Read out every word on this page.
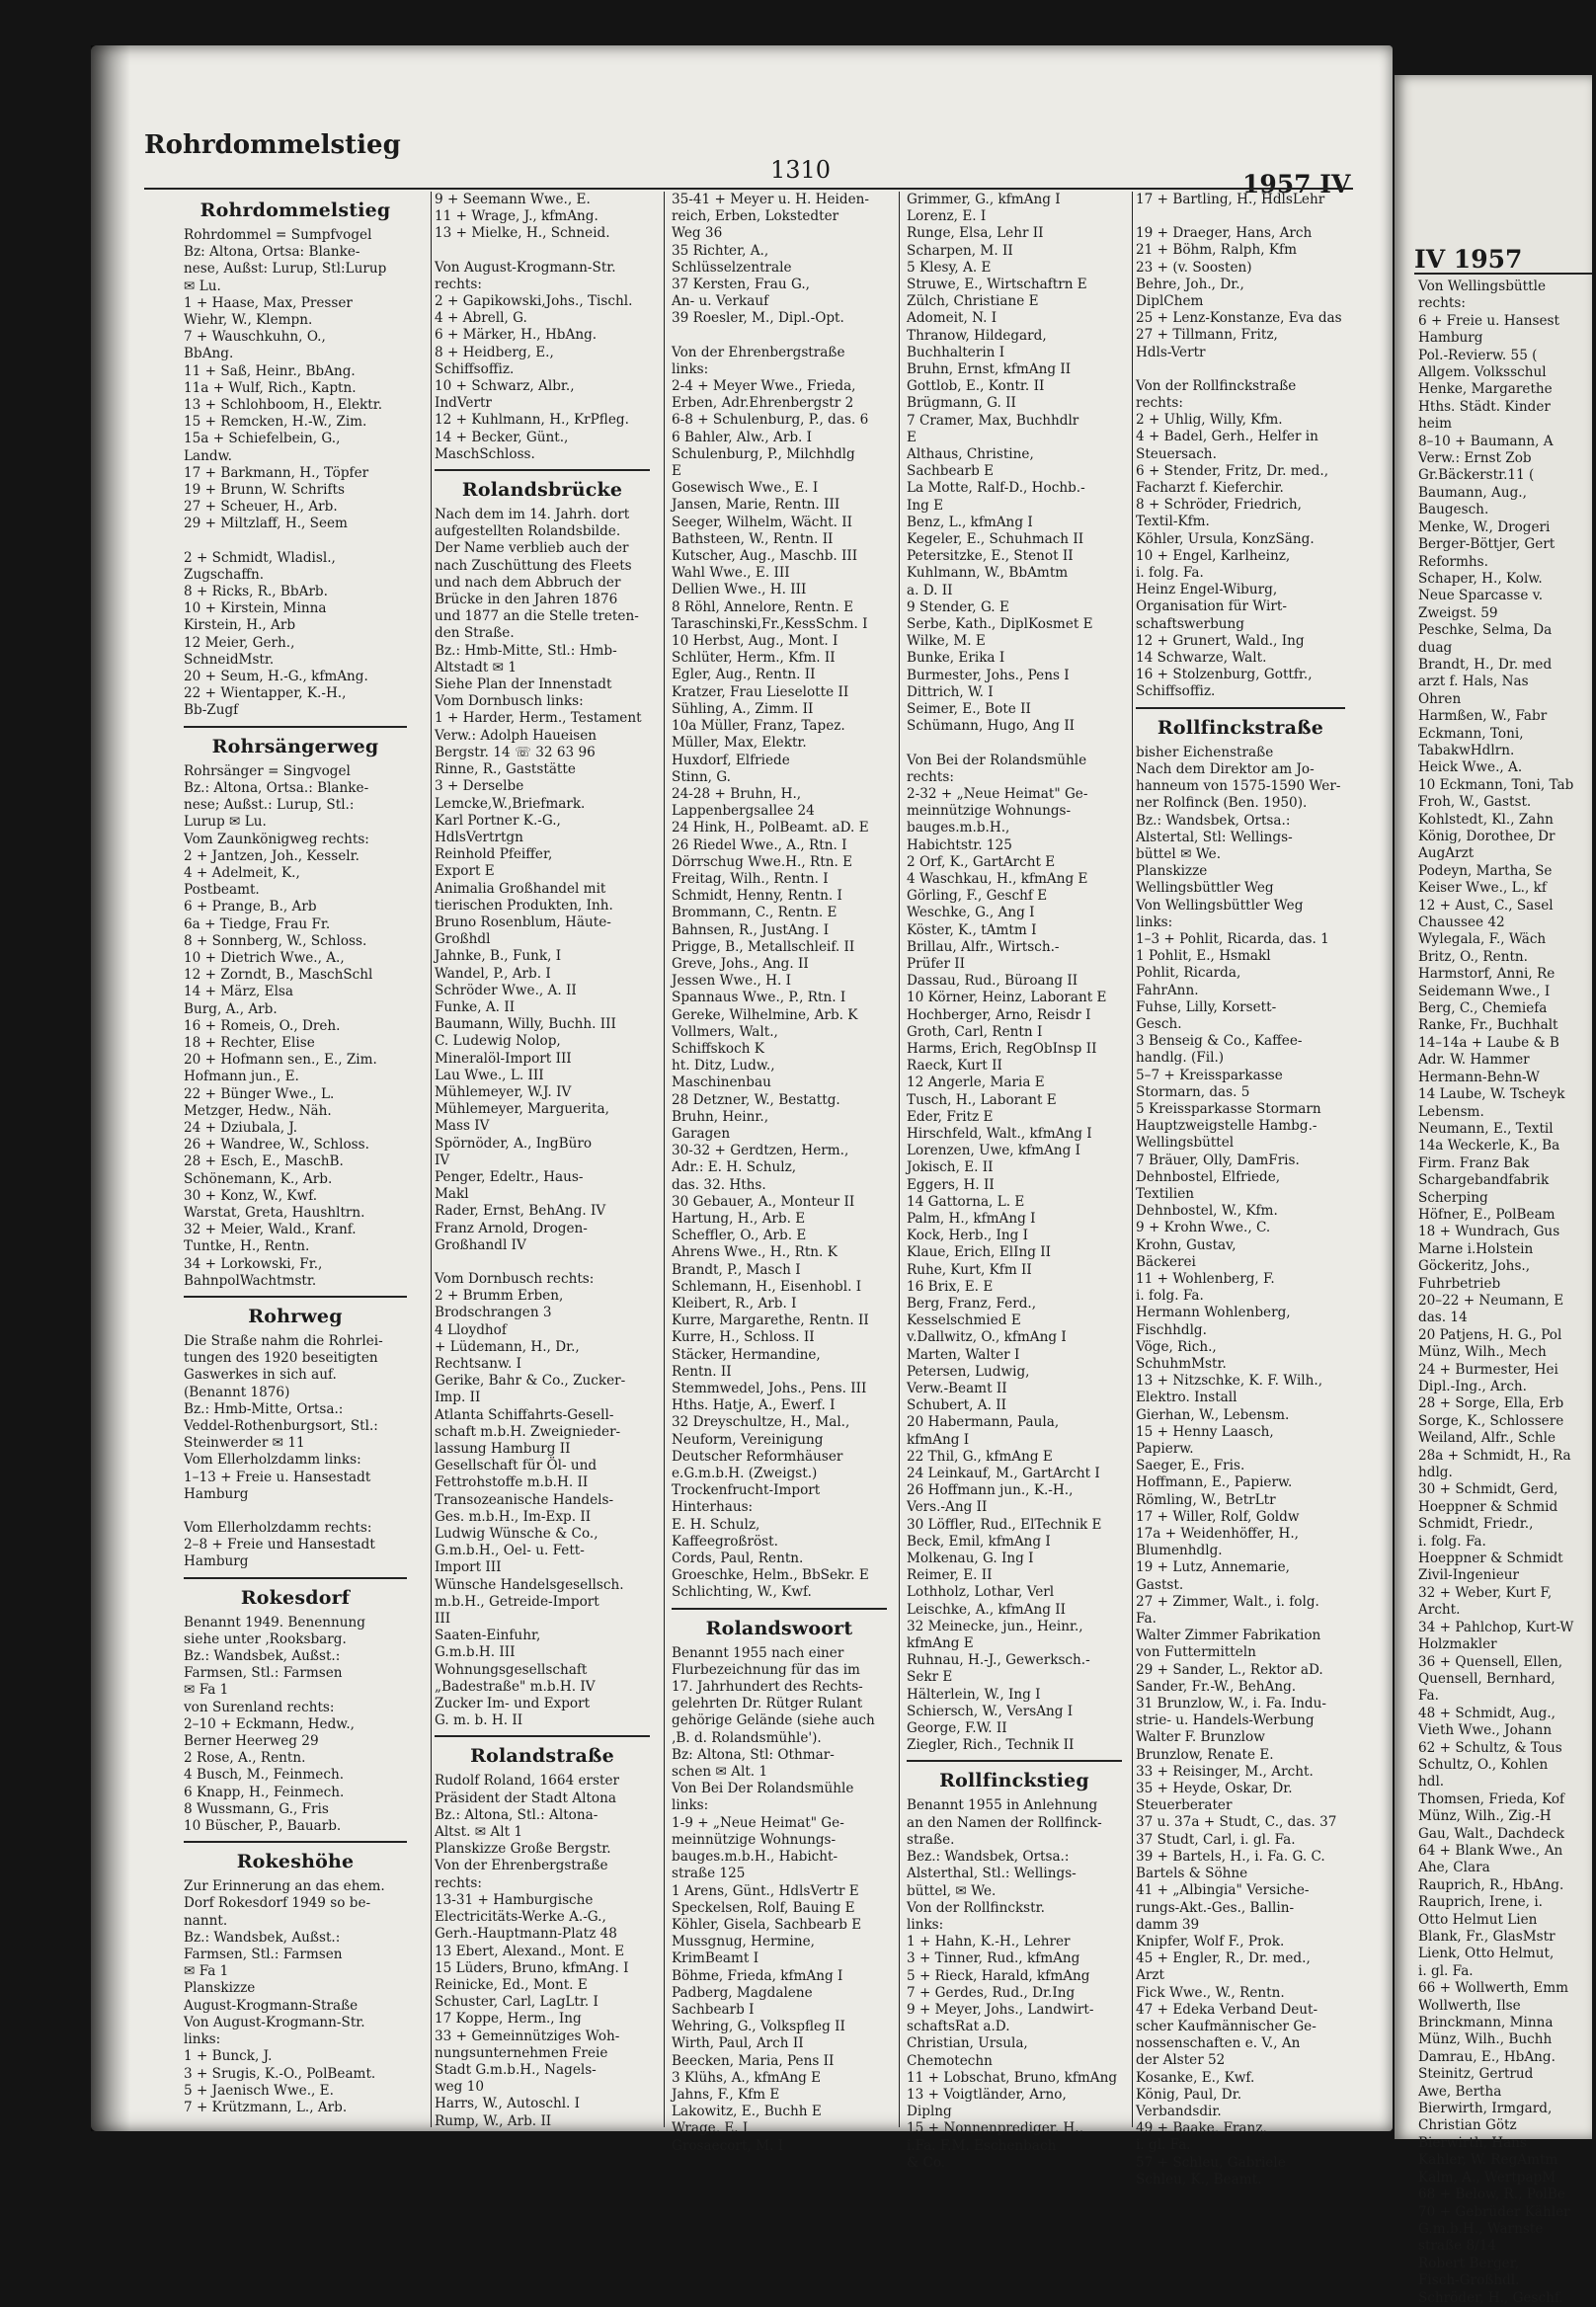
IV 1957
Von Wellingsbüttle
rechts:
6 + Freie u. Hansest
Hamburg
Pol.-Revierw. 55 (
Allgem. Volksschul
Henke, Margarethe
Hths. Städt. Kinder
heim
8–10 + Baumann, A
Verw.: Ernst Zob
Gr.Bäckerstr.11 (
Baumann, Aug.,
Baugesch.
Menke, W., Drogeri
Berger-Böttjer, Gert
Reformhs.
Schaper, H., Kolw.
Neue Sparcasse v.
Zweigst. 59
Peschke, Selma, Da
duag
Brandt, H., Dr. med
arzt f. Hals, Nas
Ohren
Harmßen, W., Fabr
Eckmann, Toni,
TabakwHdlrn.
Heick Wwe., A.
10 Eckmann, Toni, Tab
Froh, W., Gastst.
Kohlstedt, Kl., Zahn
König, Dorothee, Dr
AugArzt
Podeyn, Martha, Se
Keiser Wwe., L., kf
12 + Aust, C., Sasel
Chaussee 42
Wylegala, F., Wäch
Britz, O., Rentn.
Harmstorf, Anni, Re
Seidemann Wwe., I
Berg, C., Chemiefa
Ranke, Fr., Buchhalt
14–14a + Laube & B
Adr. W. Hammer
Hermann-Behn-W
14 Laube, W. Tscheyk
Lebensm.
Neumann, E., Textil
14a Weckerle, K., Ba
Firm. Franz Bak
Schargebandfabrik
Scherping
Höfner, E., PolBeam
18 + Wundrach, Gus
Marne i.Holstein
Göckeritz, Johs.,
Fuhrbetrieb
20–22 + Neumann, E
das. 14
20 Patjens, H. G., Pol
Münz, Wilh., Mech
24 + Burmester, Hei
Dipl.-Ing., Arch.
28 + Sorge, Ella, Erb
Sorge, K., Schlossere
Weiland, Alfr., Schle
28a + Schmidt, H., Ra
hdlg.
30 + Schmidt, Gerd,
Hoeppner & Schmid
Schmidt, Friedr.,
i. folg. Fa.
Hoeppner & Schmidt
Zivil-Ingenieur
32 + Weber, Kurt F,
Archt.
34 + Pahlchop, Kurt-W
Holzmakler
36 + Quensell, Ellen,
Quensell, Bernhard,
Fa.
48 + Schmidt, Aug.,
Vieth Wwe., Johann
62 + Schultz, & Tous
Schultz, O., Kohlen
hdl.
Thomsen, Frieda, Kof
Münz, Wilh., Zig.-H
Gau, Walt., Dachdeck
64 + Blank Wwe., An
Ahe, Clara
Rauprich, R., HbAng.
Rauprich, Irene, i.
Otto Helmut Lien
Blank, Fr., GlasMstr
Lienk, Otto Helmut,
i. gl. Fa.
66 + Wollwerth, Emm
Wollwerth, Ilse
Brinckmann, Minna
Münz, Wilh., Buchh
Damrau, E., HbAng.
Steinitz, Gertrud
Awe, Bertha
Bierwirth, Irmgard,
Christian Götz
Bierwirth, Hans
Kahler, W. RegAmtm
Kalm, A., WertpapM
68 + Below, R., PolBe
70 + Gebrüder Kähler
G.m.b.H., Warnste
straße 8/14
Robert Berger,
Fisch-Großhdl.
Schröder, H., Geschf.
Rohrdommelstieg
1310	1957 IV
Rohrdommelstieg
Rohrdommel = Sumpfvogel
Bz: Altona, Ortsa: Blanke-
nese, Außst: Lurup, Stl:Lurup
✉ Lu.
1 + Haase, Max, Presser
Wiehr, W., Klempn.
7 + Wauschkuhn, O.,
BbAng.
11 + Saß, Heinr., BbAng.
11a + Wulf, Rich., Kaptn.
13 + Schlohboom, H., Elektr.
15 + Remcken, H.-W., Zim.
15a + Schiefelbein, G.,
Landw.
17 + Barkmann, H., Töpfer
19 + Brunn, W. Schrifts
27 + Scheuer, H., Arb.
29 + Miltzlaff, H., Seem
2 + Schmidt, Wladisl.,
Zugschaffn.
8 + Ricks, R., BbArb.
10 + Kirstein, Minna
Kirstein, H., Arb
12 Meier, Gerh.,
SchneidMstr.
20 + Seum, H.-G., kfmAng.
22 + Wientapper, K.-H.,
Bb-Zugf
Rohrsängerweg
Rohrsänger = Singvogel
Bz.: Altona, Ortsa.: Blanke-
nese; Außst.: Lurup, Stl.:
Lurup ✉ Lu.
Vom Zaunkönigweg rechts:
2 + Jantzen, Joh., Kesselr.
4 + Adelmeit, K.,
Postbeamt.
6 + Prange, B., Arb
6a + Tiedge, Frau Fr.
8 + Sonnberg, W., Schloss.
10 + Dietrich Wwe., A.,
12 + Zorndt, B., MaschSchl
14 + März, Elsa
Burg, A., Arb.
16 + Romeis, O., Dreh.
18 + Rechter, Elise
20 + Hofmann sen., E., Zim.
Hofmann jun., E.
22 + Bünger Wwe., L.
Metzger, Hedw., Näh.
24 + Dziubala, J.
26 + Wandree, W., Schloss.
28 + Esch, E., MaschB.
Schönemann, K., Arb.
30 + Konz, W., Kwf.
Warstat, Greta, Haushltrn.
32 + Meier, Wald., Kranf.
Tuntke, H., Rentn.
34 + Lorkowski, Fr.,
BahnpolWachtmstr.
Rohrweg
Die Straße nahm die Rohrlei-
tungen des 1920 beseitigten
Gaswerkes in sich auf.
(Benannt 1876)
Bz.: Hmb-Mitte, Ortsa.:
Veddel-Rothenburgsort, Stl.:
Steinwerder ✉ 11
Vom Ellerholzdamm links:
1–13 + Freie u. Hansestadt
Hamburg
Vom Ellerholzdamm rechts:
2–8 + Freie und Hansestadt
Hamburg
Rokesdorf
Benannt 1949. Benennung
siehe unter ‚Rooksbarg.
Bz.: Wandsbek, Außst.:
Farmsen, Stl.: Farmsen
✉ Fa 1
von Surenland rechts:
2–10 + Eckmann, Hedw.,
Berner Heerweg 29
2 Rose, A., Rentn.
4 Busch, M., Feinmech.
6 Knapp, H., Feinmech.
8 Wussmann, G., Fris
10 Büscher, P., Bauarb.
Rokeshöhe
Zur Erinnerung an das ehem.
Dorf Rokesdorf 1949 so be-
nannt.
Bz.: Wandsbek, Außst.:
Farmsen, Stl.: Farmsen
✉ Fa 1
Planskizze
August-Krogmann-Straße
Von August-Krogmann-Str.
links:
1 + Bunck, J.
3 + Srugis, K.-O., PolBeamt.
5 + Jaenisch Wwe., E.
7 + Krützmann, L., Arb.
9 + Seemann Wwe., E.
11 + Wrage, J., kfmAng.
13 + Mielke, H., Schneid.
Von August-Krogmann-Str.
rechts:
2 + Gapikowski,Johs., Tischl.
4 + Abrell, G.
6 + Märker, H., HbAng.
8 + Heidberg, E.,
Schiffsoffiz.
10 + Schwarz, Albr.,
IndVertr
12 + Kuhlmann, H., KrPfleg.
14 + Becker, Günt.,
MaschSchloss.
Rolandsbrücke
Nach dem im 14. Jahrh. dort
aufgestellten Rolandsbilde.
Der Name verblieb auch der
nach Zuschüttung des Fleets
und nach dem Abbruch der
Brücke in den Jahren 1876
und 1877 an die Stelle treten-
den Straße.
Bz.: Hmb-Mitte, Stl.: Hmb-
Altstadt ✉ 1
Siehe Plan der Innenstadt
Vom Dornbusch links:
1 + Harder, Herm., Testament
Verw.: Adolph Haueisen
Bergstr. 14 ☏ 32 63 96
Rinne, R., Gaststätte
3 + Derselbe
Lemcke,W.,Briefmark.
Karl Portner K.-G.,
HdlsVertrtgn
Reinhold Pfeiffer,
Export E
Animalia Großhandel mit
tierischen Produkten, Inh.
Bruno Rosenblum, Häute-
Großhdl
Jahnke, B., Funk, I
Wandel, P., Arb. I
Schröder Wwe., A. II
Funke, A. II
Baumann, Willy, Buchh. III
C. Ludewig Nolop,
Mineralöl-Import III
Lau Wwe., L. III
Mühlemeyer, W.J. IV
Mühlemeyer, Marguerita,
Mass IV
Spörnöder, A., IngBüro
IV
Penger, Edeltr., Haus-
Makl
Rader, Ernst, BehAng. IV
Franz Arnold, Drogen-
Großhandl IV
Vom Dornbusch rechts:
2 + Brumm Erben,
Brodschrangen 3
4 Lloydhof
+ Lüdemann, H., Dr.,
Rechtsanw. I
Gerike, Bahr & Co., Zucker-
Imp. II
Atlanta Schiffahrts-Gesell-
schaft m.b.H. Zweignieder-
lassung Hamburg II
Gesellschaft für Öl- und
Fettrohstoffe m.b.H. II
Transozeanische Handels-
Ges. m.b.H., Im-Exp. II
Ludwig Wünsche & Co.,
G.m.b.H., Oel- u. Fett-
Import III
Wünsche Handelsgesellsch.
m.b.H., Getreide-Import
III
Saaten-Einfuhr,
G.m.b.H. III
Wohnungsgesellschaft
„Badestraße" m.b.H. IV
Zucker Im- und Export
G. m. b. H. II
Rolandstraße
Rudolf Roland, 1664 erster
Präsident der Stadt Altona
Bz.: Altona, Stl.: Altona-
Altst. ✉ Alt 1
Planskizze Große Bergstr.
Von der Ehrenbergstraße
rechts:
13-31 + Hamburgische
Electricitäts-Werke A.-G.,
Gerh.-Hauptmann-Platz 48
13 Ebert, Alexand., Mont. E
15 Lüders, Bruno, kfmAng. I
Reinicke, Ed., Mont. E
Schuster, Carl, LagLtr. I
17 Koppe, Herm., Ing
33 + Gemeinnütziges Woh-
nungsunternehmen Freie
Stadt G.m.b.H., Nagels-
weg 10
Harrs, W., Autoschl. I
Rump, W., Arb. II
35-41 + Meyer u. H. Heiden-
reich, Erben, Lokstedter
Weg 36
35 Richter, A.,
Schlüsselzentrale
37 Kersten, Frau G.,
An- u. Verkauf
39 Roesler, M., Dipl.-Opt.
Von der Ehrenbergstraße
links:
2-4 + Meyer Wwe., Frieda,
Erben, Adr.Ehrenbergstr 2
6-8 + Schulenburg, P., das. 6
6 Bahler, Alw., Arb. I
Schulenburg, P., Milchhdlg
E
Gosewisch Wwe., E. I
Jansen, Marie, Rentn. III
Seeger, Wilhelm, Wächt. II
Bathsteen, W., Rentn. II
Kutscher, Aug., Maschb. III
Wahl Wwe., E. III
Dellien Wwe., H. III
8 Röhl, Annelore, Rentn. E
Taraschinski,Fr.,KessSchm. I
10 Herbst, Aug., Mont. I
Schlüter, Herm., Kfm. II
Egler, Aug., Rentn. II
Kratzer, Frau Lieselotte II
Sühling, A., Zimm. II
10a Müller, Franz, Tapez.
Müller, Max, Elektr.
Huxdorf, Elfriede
Stinn, G.
24-28 + Bruhn, H.,
Lappenbergsallee 24
24 Hink, H., PolBeamt. aD. E
26 Riedel Wwe., A., Rtn. I
Dörrschug Wwe.H., Rtn. E
Freitag, Wilh., Rentn. I
Schmidt, Henny, Rentn. I
Brommann, C., Rentn. E
Bahnsen, R., JustAng. I
Prigge, B., Metallschleif. II
Greve, Johs., Ang. II
Jessen Wwe., H. I
Spannaus Wwe., P., Rtn. I
Gereke, Wilhelmine, Arb. K
Vollmers, Walt.,
Schiffskoch K
ht. Ditz, Ludw.,
Maschinenbau
28 Detzner, W., Bestattg.
Bruhn, Heinr.,
Garagen
30-32 + Gerdtzen, Herm.,
Adr.: E. H. Schulz,
das. 32. Hths.
30 Gebauer, A., Monteur II
Hartung, H., Arb. E
Scheffler, O., Arb. E
Ahrens Wwe., H., Rtn. K
Brandt, P., Masch I
Schlemann, H., Eisenhobl. I
Kleibert, R., Arb. I
Kurre, Margarethe, Rentn. II
Kurre, H., Schloss. II
Stäcker, Hermandine,
Rentn. II
Stemmwedel, Johs., Pens. III
Hths. Hatje, A., Ewerf. I
32 Dreyschultze, H., Mal.,
Neuform, Vereinigung
Deutscher Reformhäuser
e.G.m.b.H. (Zweigst.)
Trockenfrucht-Import
Hinterhaus:
E. H. Schulz,
Kaffeegroßröst.
Cords, Paul, Rentn.
Groeschke, Helm., BbSekr. E
Schlichting, W., Kwf.
Rolandswoort
Benannt 1955 nach einer
Flurbezeichnung für das im
17. Jahrhundert des Rechts-
gelehrten Dr. Rütger Rulant
gehörige Gelände (siehe auch
‚B. d. Rolandsmühle').
Bz: Altona, Stl: Othmar-
schen ✉ Alt. 1
Von Bei Der Rolandsmühle
links:
1-9 + „Neue Heimat" Ge-
meinnützige Wohnungs-
bauges.m.b.H., Habicht-
straße 125
1 Arens, Günt., HdlsVertr E
Speckelsen, Rolf, Bauing E
Köhler, Gisela, Sachbearb E
Mussgnug, Hermine,
KrimBeamt I
Böhme, Frieda, kfmAng I
Padberg, Magdalene
Sachbearb I
Wehring, G., Volkspfleg II
Wirth, Paul, Arch II
Beecken, Maria, Pens II
3 Klühs, A., kfmAng E
Jahns, F., Kfm E
Lakowitz, E., Buchh E
Wrage, E. I
Grosaecort, M. I
Grimmer, G., kfmAng I
Lorenz, E. I
Runge, Elsa, Lehr II
Scharpen, M. II
5 Klesy, A. E
Struwe, E., Wirtschaftrn E
Zülch, Christiane E
Adomeit, N. I
Thranow, Hildegard,
Buchhalterin I
Bruhn, Ernst, kfmAng II
Gottlob, E., Kontr. II
Brügmann, G. II
7 Cramer, Max, Buchhdlr
E
Althaus, Christine,
Sachbearb E
La Motte, Ralf-D., Hochb.-
Ing E
Benz, L., kfmAng I
Kegeler, E., Schuhmach II
Petersitzke, E., Stenot II
Kuhlmann, W., BbAmtm
a. D. II
9 Stender, G. E
Serbe, Kath., DiplKosmet E
Wilke, M. E
Bunke, Erika I
Burmester, Johs., Pens I
Dittrich, W. I
Seimer, E., Bote II
Schümann, Hugo, Ang II
Von Bei der Rolandsmühle
rechts:
2-32 + „Neue Heimat" Ge-
meinnützige Wohnungs-
bauges.m.b.H.,
Habichtstr. 125
2 Orf, K., GartArcht E
4 Waschkau, H., kfmAng E
Görling, F., Geschf E
Weschke, G., Ang I
Köster, K., tAmtm I
Brillau, Alfr., Wirtsch.-
Prüfer II
Dassau, Rud., Büroang II
10 Körner, Heinz, Laborant E
Hochberger, Arno, Reisdr I
Groth, Carl, Rentn I
Harms, Erich, RegObInsp II
Raeck, Kurt II
12 Angerle, Maria E
Tusch, H., Laborant E
Eder, Fritz E
Hirschfeld, Walt., kfmAng I
Lorenzen, Uwe, kfmAng I
Jokisch, E. II
Eggers, H. II
14 Gattorna, L. E
Palm, H., kfmAng I
Kock, Herb., Ing I
Klaue, Erich, ElIng II
Ruhe, Kurt, Kfm II
16 Brix, E. E
Berg, Franz, Ferd.,
Kesselschmied E
v.Dallwitz, O., kfmAng I
Marten, Walter I
Petersen, Ludwig,
Verw.-Beamt II
Schubert, A. II
20 Habermann, Paula,
kfmAng I
22 Thil, G., kfmAng E
24 Leinkauf, M., GartArcht I
26 Hoffmann jun., K.-H.,
Vers.-Ang II
30 Löffler, Rud., ElTechnik E
Beck, Emil, kfmAng I
Molkenau, G. Ing I
Reimer, E. II
Lothholz, Lothar, Verl
Leischke, A., kfmAng II
32 Meinecke, jun., Heinr.,
kfmAng E
Ruhnau, H.-J., Gewerksch.-
Sekr E
Hälterlein, W., Ing I
Schiersch, W., VersAng I
George, F.W. II
Ziegler, Rich., Technik II
Rollfinckstieg
Benannt 1955 in Anlehnung
an den Namen der Rollfinck-
straße.
Bez.: Wandsbek, Ortsa.:
Alsterthal, Stl.: Wellings-
büttel, ✉ We.
Von der Rollfinckstr.
links:
1 + Hahn, K.-H., Lehrer
3 + Tinner, Rud., kfmAng
5 + Rieck, Harald, kfmAng
7 + Gerdes, Rud., Dr.Ing
9 + Meyer, Johs., Landwirt-
schaftsRat a.D.
Christian, Ursula,
Chemotechn
11 + Lobschat, Bruno, kfmAng
13 + Voigtländer, Arno,
Diplng
15 + Nonnenprediger, H.,
i.Fa. F.M. Eschenbach
& Co.
17 + Bartling, H., HdlsLehr
19 + Draeger, Hans, Arch
21 + Böhm, Ralph, Kfm
23 + (v. Soosten)
Behre, Joh., Dr.,
DiplChem
25 + Lenz-Konstanze, Eva das
27 + Tillmann, Fritz,
Hdls-Vertr
Von der Rollfinckstraße
rechts:
2 + Uhlig, Willy, Kfm.
4 + Badel, Gerh., Helfer in
Steuersach.
6 + Stender, Fritz, Dr. med.,
Facharzt f. Kieferchir.
8 + Schröder, Friedrich,
Textil-Kfm.
Köhler, Ursula, KonzSäng.
10 + Engel, Karlheinz,
i. folg. Fa.
Heinz Engel-Wiburg,
Organisation für Wirt-
schaftswerbung
12 + Grunert, Wald., Ing
14 Schwarze, Walt.
16 + Stolzenburg, Gottfr.,
Schiffsoffiz.
Rollfinckstraße
bisher Eichenstraße
Nach dem Direktor am Jo-
hanneum von 1575-1590 Wer-
ner Rolfinck (Ben. 1950).
Bz.: Wandsbek, Ortsa.:
Alstertal, Stl: Wellings-
büttel ✉ We.
Planskizze
Wellingsbüttler Weg
Von Wellingsbüttler Weg
links:
1–3 + Pohlit, Ricarda, das. 1
1 Pohlit, E., Hsmakl
Pohlit, Ricarda,
FahrAnn.
Fuhse, Lilly, Korsett-
Gesch.
3 Benseig & Co., Kaffee-
handlg. (Fil.)
5–7 + Kreissparkasse
Stormarn, das. 5
5 Kreissparkasse Stormarn
Hauptzweigstelle Hambg.-
Wellingsbüttel
7 Bräuer, Olly, DamFris.
Dehnbostel, Elfriede,
Textilien
Dehnbostel, W., Kfm.
9 + Krohn Wwe., C.
Krohn, Gustav,
Bäckerei
11 + Wohlenberg, F.
i. folg. Fa.
Hermann Wohlenberg,
Fischhdlg.
Vöge, Rich.,
SchuhmMstr.
13 + Nitzschke, K. F. Wilh.,
Elektro. Install
Gierhan, W., Lebensm.
15 + Henny Laasch,
Papierw.
Saeger, E., Fris.
Hoffmann, E., Papierw.
Römling, W., BetrLtr
17 + Willer, Rolf, Goldw
17a + Weidenhöffer, H.,
Blumenhdlg.
19 + Lutz, Annemarie,
Gastst.
27 + Zimmer, Walt., i. folg.
Fa.
Walter Zimmer Fabrikation
von Futtermitteln
29 + Sander, L., Rektor aD.
Sander, Fr.-W., BehAng.
31 Brunzlow, W., i. Fa. Indu-
strie- u. Handels-Werbung
Walter F. Brunzlow
Brunzlow, Renate E.
33 + Reisinger, M., Archt.
35 + Heyde, Oskar, Dr.
Steuerberater
37 u. 37a + Studt, C., das. 37
37 Studt, Carl, i. gl. Fa.
39 + Bartels, H., i. Fa. G. C.
Bartels & Söhne
41 + „Albingia" Versiche-
rungs-Akt.-Ges., Ballin-
damm 39
Knipfer, Wolf F., Prok.
45 + Engler, R., Dr. med.,
Arzt
Fick Wwe., W., Rentn.
47 + Edeka Verband Deut-
scher Kaufmännischer Ge-
nossenschaften e. V., An
der Alster 52
Kosanke, E., Kwf.
König, Paul, Dr.
Verbandsdir.
49 + Baake, Franz,
i. gl. Fa.
57 + Schleu, Gabriele
Schleu, K., Beamt.
